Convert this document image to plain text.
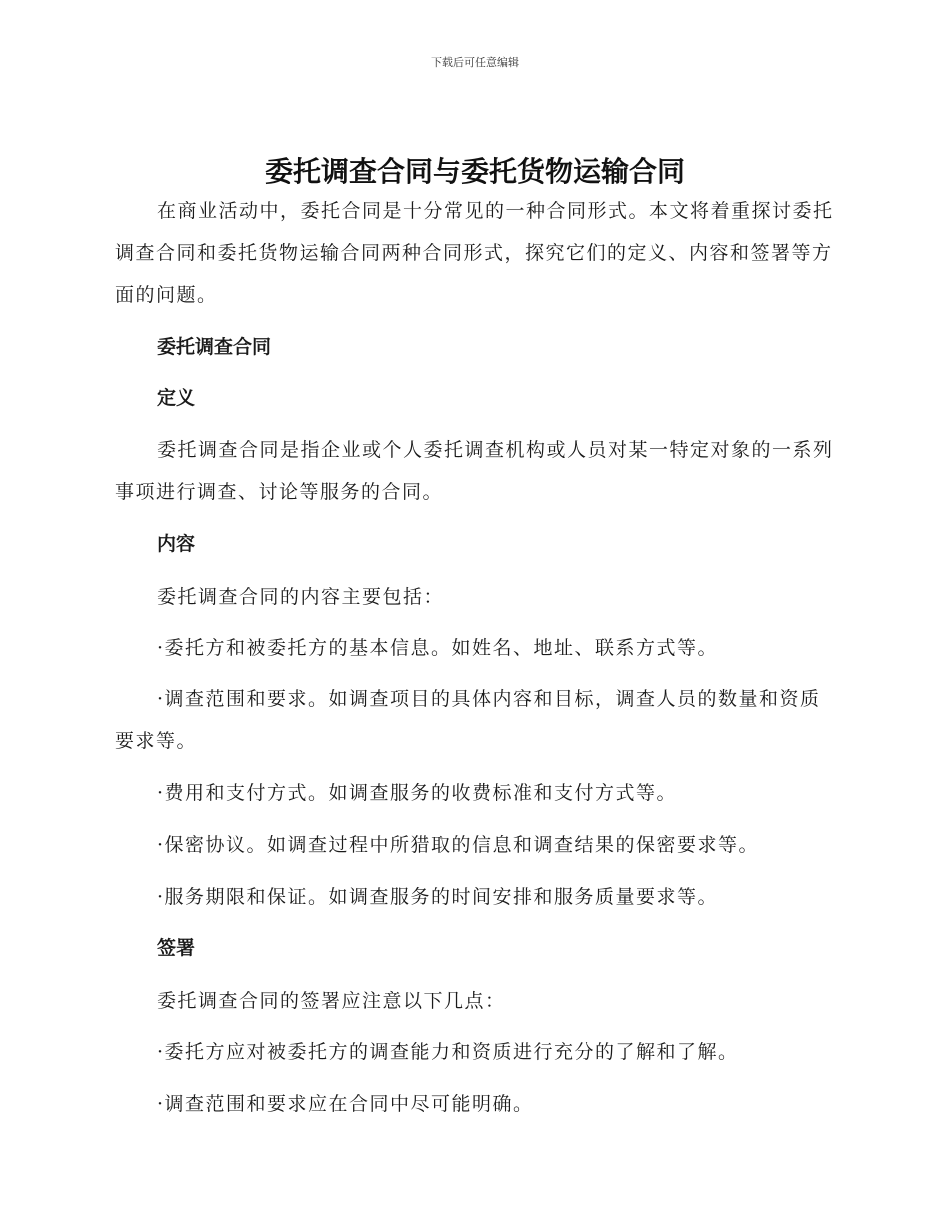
下载后可任意编辑
委托调查合同与委托货物运输合同
在商业活动中，委托合同是十分常见的一种合同形式。本文将着重探讨委托调查合同和委托货物运输合同两种合同形式，探究它们的定义、内容和签署等方面的问题。
委托调查合同
定义
委托调查合同是指企业或个人委托调查机构或人员对某一特定对象的一系列事项进行调查、讨论等服务的合同。
内容
委托调查合同的内容主要包括：
·委托方和被委托方的基本信息。如姓名、地址、联系方式等。
·调查范围和要求。如调查项目的具体内容和目标，调查人员的数量和资质要求等。
·费用和支付方式。如调查服务的收费标准和支付方式等。
·保密协议。如调查过程中所猎取的信息和调查结果的保密要求等。
·服务期限和保证。如调查服务的时间安排和服务质量要求等。
签署
委托调查合同的签署应注意以下几点：
·委托方应对被委托方的调查能力和资质进行充分的了解和了解。
·调查范围和要求应在合同中尽可能明确。
